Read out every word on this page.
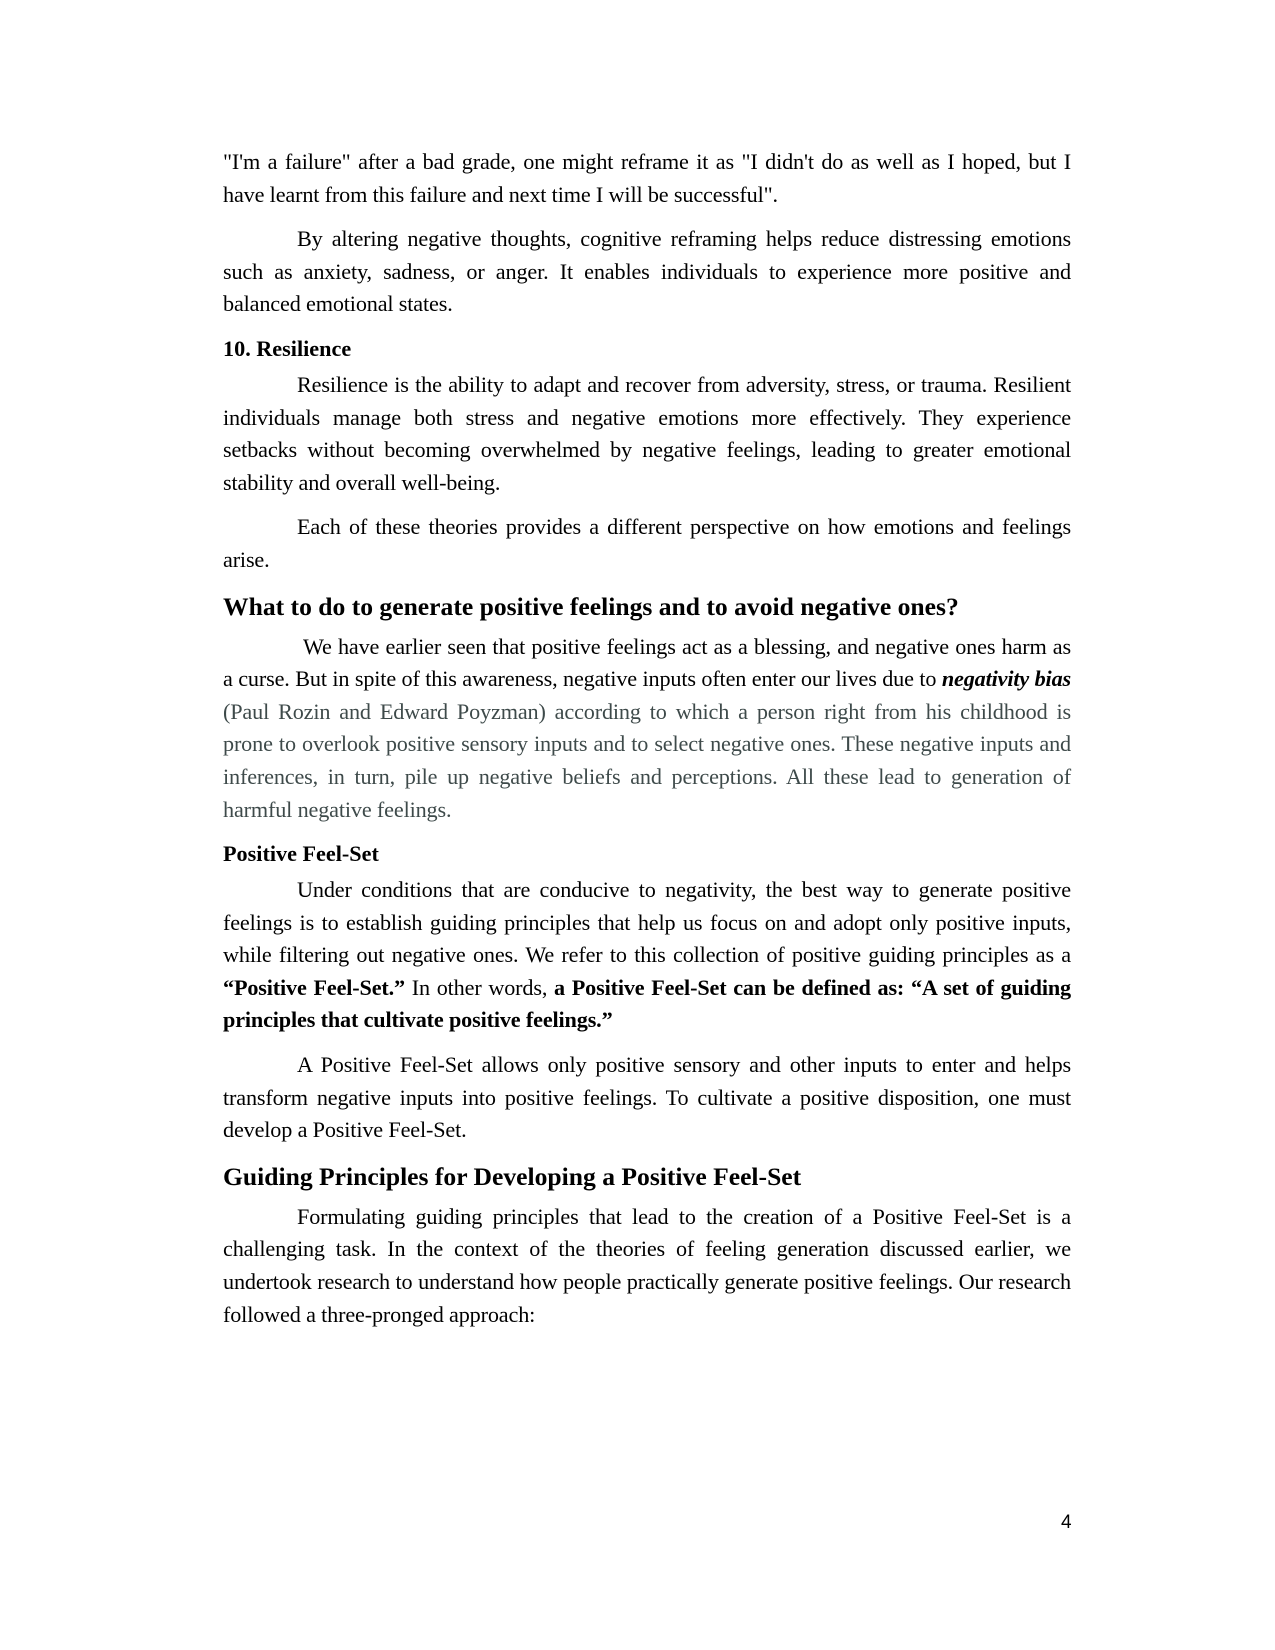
"I'm a failure" after a bad grade, one might reframe it as "I didn't do as well as I hoped, but I have learnt from this failure and next time I will be successful".

By altering negative thoughts, cognitive reframing helps reduce distressing emotions such as anxiety, sadness, or anger. It enables individuals to experience more positive and balanced emotional states.

10. Resilience

Resilience is the ability to adapt and recover from adversity, stress, or trauma. Resilient individuals manage both stress and negative emotions more effectively. They experience setbacks without becoming overwhelmed by negative feelings, leading to greater emotional stability and overall well-being.

Each of these theories provides a different perspective on how emotions and feelings arise.

What to do to generate positive feelings and to avoid negative ones?

We have earlier seen that positive feelings act as a blessing, and negative ones harm as a curse. But in spite of this awareness, negative inputs often enter our lives due to negativity bias (Paul Rozin and Edward Poyzman) according to which a person right from his childhood is prone to overlook positive sensory inputs and to select negative ones. These negative inputs and inferences, in turn, pile up negative beliefs and perceptions. All these lead to generation of harmful negative feelings.

Positive Feel-Set

Under conditions that are conducive to negativity, the best way to generate positive feelings is to establish guiding principles that help us focus on and adopt only positive inputs, while filtering out negative ones. We refer to this collection of positive guiding principles as a “Positive Feel-Set.” In other words, a Positive Feel-Set can be defined as: “A set of guiding principles that cultivate positive feelings.”

A Positive Feel-Set allows only positive sensory and other inputs to enter and helps transform negative inputs into positive feelings. To cultivate a positive disposition, one must develop a Positive Feel-Set.

Guiding Principles for Developing a Positive Feel-Set

Formulating guiding principles that lead to the creation of a Positive Feel-Set is a challenging task. In the context of the theories of feeling generation discussed earlier, we undertook research to understand how people practically generate positive feelings. Our research followed a three-pronged approach:

4
